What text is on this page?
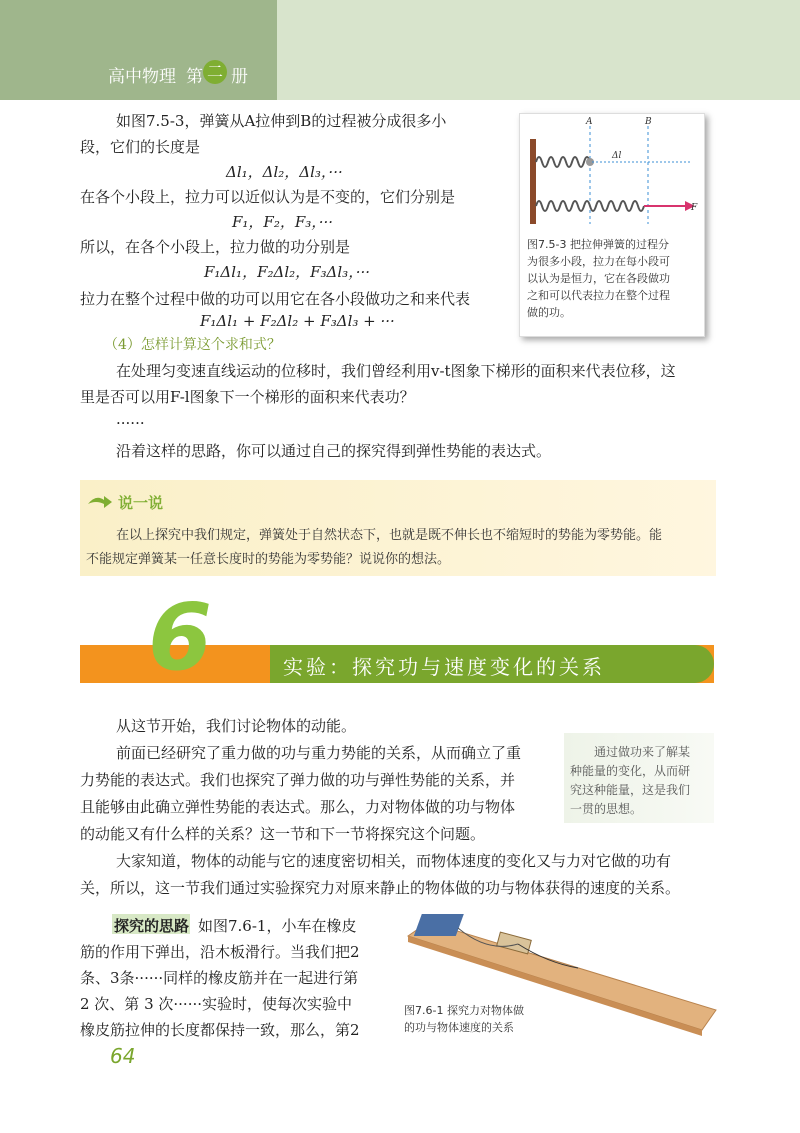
高中物理 第 二 册
如图7.5-3，弹簧从A拉伸到B的过程被分成很多小
段，它们的长度是
Δl₁，Δl₂，Δl₃，···
在各个小段上，拉力可以近似认为是不变的，它们分别是
F₁，F₂，F₃，···
所以，在各个小段上，拉力做的功分别是
F₁Δl₁，F₂Δl₂，F₃Δl₃，···
拉力在整个过程中做的功可以用它在各小段做功之和来代表
F₁Δl₁ + F₂Δl₂ + F₃Δl₃ + ···
（4）怎样计算这个求和式？
在处理匀变速直线运动的位移时，我们曾经利用v-t图象下梯形的面积来代表位移，这
里是否可以用F-l图象下一个梯形的面积来代表功？
······
沿着这样的思路，你可以通过自己的探究得到弹性势能的表达式。
A	B
Δl
F
图7.5-3 把拉伸弹簧的过程分
为很多小段，拉力在每小段可
以认为是恒力，它在各段做功
之和可以代表拉力在整个过程
做的功。
说一说
在以上探究中我们规定，弹簧处于自然状态下，也就是既不伸长也不缩短时的势能为零势能。能
不能规定弹簧某一任意长度时的势能为零势能？说说你的想法。
6	实验：探究功与速度变化的关系
从这节开始，我们讨论物体的动能。
前面已经研究了重力做的功与重力势能的关系，从而确立了重
力势能的表达式。我们也探究了弹力做的功与弹性势能的关系，并
且能够由此确立弹性势能的表达式。那么，力对物体做的功与物体
的动能又有什么样的关系？这一节和下一节将探究这个问题。
大家知道，物体的动能与它的速度密切相关，而物体速度的变化又与力对它做的功有
关，所以，这一节我们通过实验探究力对原来静止的物体做的功与物体获得的速度的关系。
通过做功来了解某
种能量的变化，从而研
究这种能量，这是我们
一贯的思想。
探究的思路 如图7.6-1，小车在橡皮
筋的作用下弹出，沿木板滑行。当我们把2
条、3条······同样的橡皮筋并在一起进行第
2 次、第 3 次······实验时，使每次实验中
橡皮筋拉伸的长度都保持一致，那么，第2
图7.6-1 探究力对物体做
的功与物体速度的关系
64
